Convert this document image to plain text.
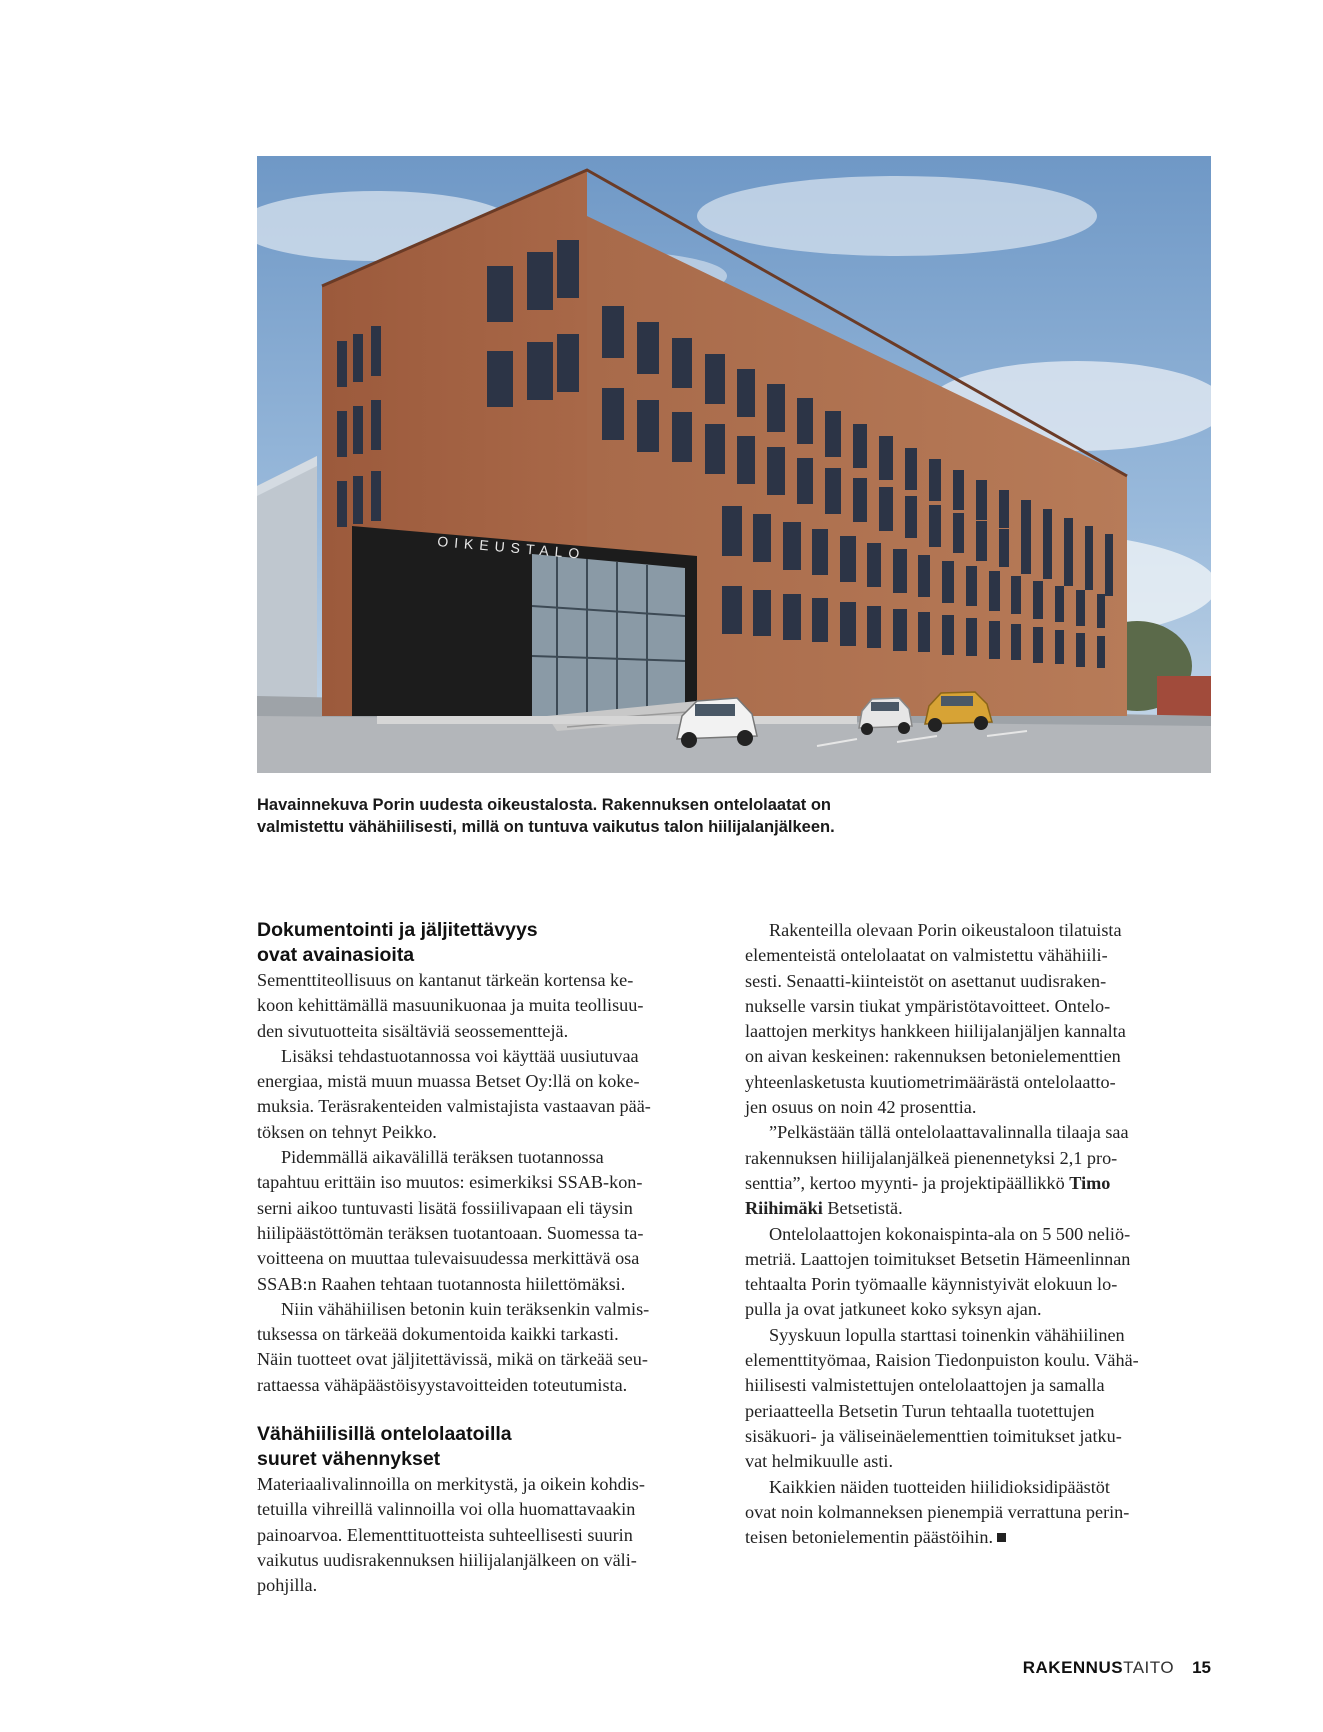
OIKEUSTALO
Havainnekuva Porin uudesta oikeustalosta. Rakennuksen ontelolaatat on
valmistettu vähähiilisesti, millä on tuntuva vaikutus talon hiilijalanjälkeen.
Dokumentointi ja jäljitettävyys
ovat avainasioita
Sementtiteollisuus on kantanut tärkeän kortensa ke-
koon kehittämällä masuunikuonaa ja muita teollisuu-
den sivutuotteita sisältäviä seossementtejä.
Lisäksi tehdastuotannossa voi käyttää uusiutuvaa
energiaa, mistä muun muassa Betset Oy:llä on koke-
muksia. Teräsrakenteiden valmistajista vastaavan pää-
töksen on tehnyt Peikko.
Pidemmällä aikavälillä teräksen tuotannossa
tapahtuu erittäin iso muutos: esimerkiksi SSAB-kon-
serni aikoo tuntuvasti lisätä fossiilivapaan eli täysin
hiilipäästöttömän teräksen tuotantoaan. Suomessa ta-
voitteena on muuttaa tulevaisuudessa merkittävä osa
SSAB:n Raahen tehtaan tuotannosta hiilettömäksi.
Niin vähähiilisen betonin kuin teräksenkin valmis-
tuksessa on tärkeää dokumentoida kaikki tarkasti.
Näin tuotteet ovat jäljitettävissä, mikä on tärkeää seu-
rattaessa vähäpäästöisyystavoitteiden toteutumista.
Vähähiilisillä ontelolaatoilla
suuret vähennykset
Materiaalivalinnoilla on merkitystä, ja oikein kohdis-
tetuilla vihreillä valinnoilla voi olla huomattavaakin
painoarvoa. Elementtituotteista suhteellisesti suurin
vaikutus uudisrakennuksen hiilijalanjälkeen on väli-
pohjilla.
Rakenteilla olevaan Porin oikeustaloon tilatuista
elementeistä ontelolaatat on valmistettu vähähiili-
sesti. Senaatti-kiinteistöt on asettanut uudisraken-
nukselle varsin tiukat ympäristötavoitteet. Ontelo-
laattojen merkitys hankkeen hiilijalanjäljen kannalta
on aivan keskeinen: rakennuksen betonielementtien
yhteenlasketusta kuutiometrimäärästä ontelolaatto-
jen osuus on noin 42 prosenttia.
”Pelkästään tällä ontelolaattavalinnalla tilaaja saa
rakennuksen hiilijalanjälkeä pienennetyksi 2,1 pro-
senttia”, kertoo myynti- ja projektipäällikkö Timo
Riihimäki Betsetistä.
Ontelolaattojen kokonaispinta-ala on 5 500 neliö-
metriä. Laattojen toimitukset Betsetin Hämeenlinnan
tehtaalta Porin työmaalle käynnistyivät elokuun lo-
pulla ja ovat jatkuneet koko syksyn ajan.
Syyskuun lopulla starttasi toinenkin vähähiilinen
elementtityömaa, Raision Tiedonpuiston koulu. Vähä-
hiilisesti valmistettujen ontelolaattojen ja samalla
periaatteella Betsetin Turun tehtaalla tuotettujen
sisäkuori- ja väliseinäelementtien toimitukset jatku-
vat helmikuulle asti.
Kaikkien näiden tuotteiden hiilidioksidipäästöt
ovat noin kolmanneksen pienempiä verrattuna perin-
teisen betonielementin päästöihin.
RAKENNUSTAITO 15
